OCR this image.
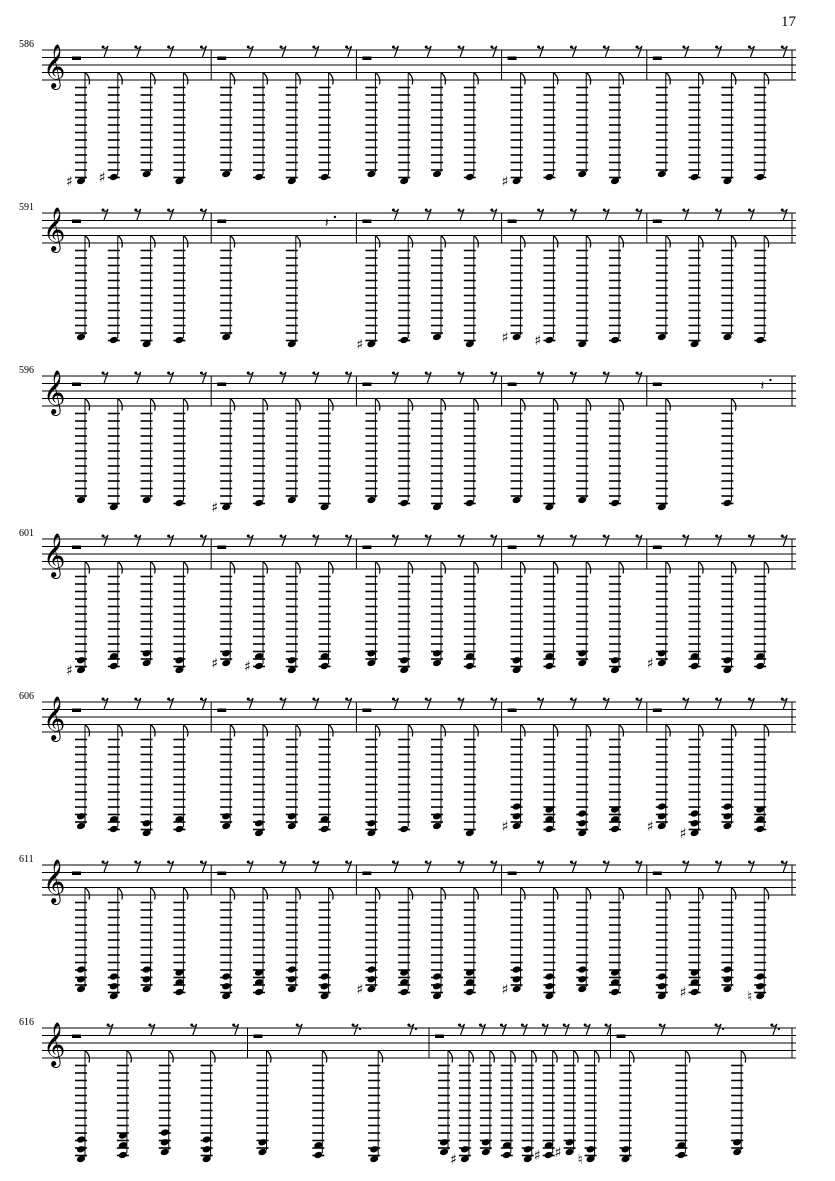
17
586 𝄞
♯ ♯	♯
591 𝄞	𝄽
♯	♯ ♯
596 𝄞
♯
𝄽
601 𝄞
♯	♯ ♯	♯
606 𝄞
♯	♯ ♯
611 𝄞
♯	♯	♯	♮
616 𝄞
♯	♯ ♯ ♮
